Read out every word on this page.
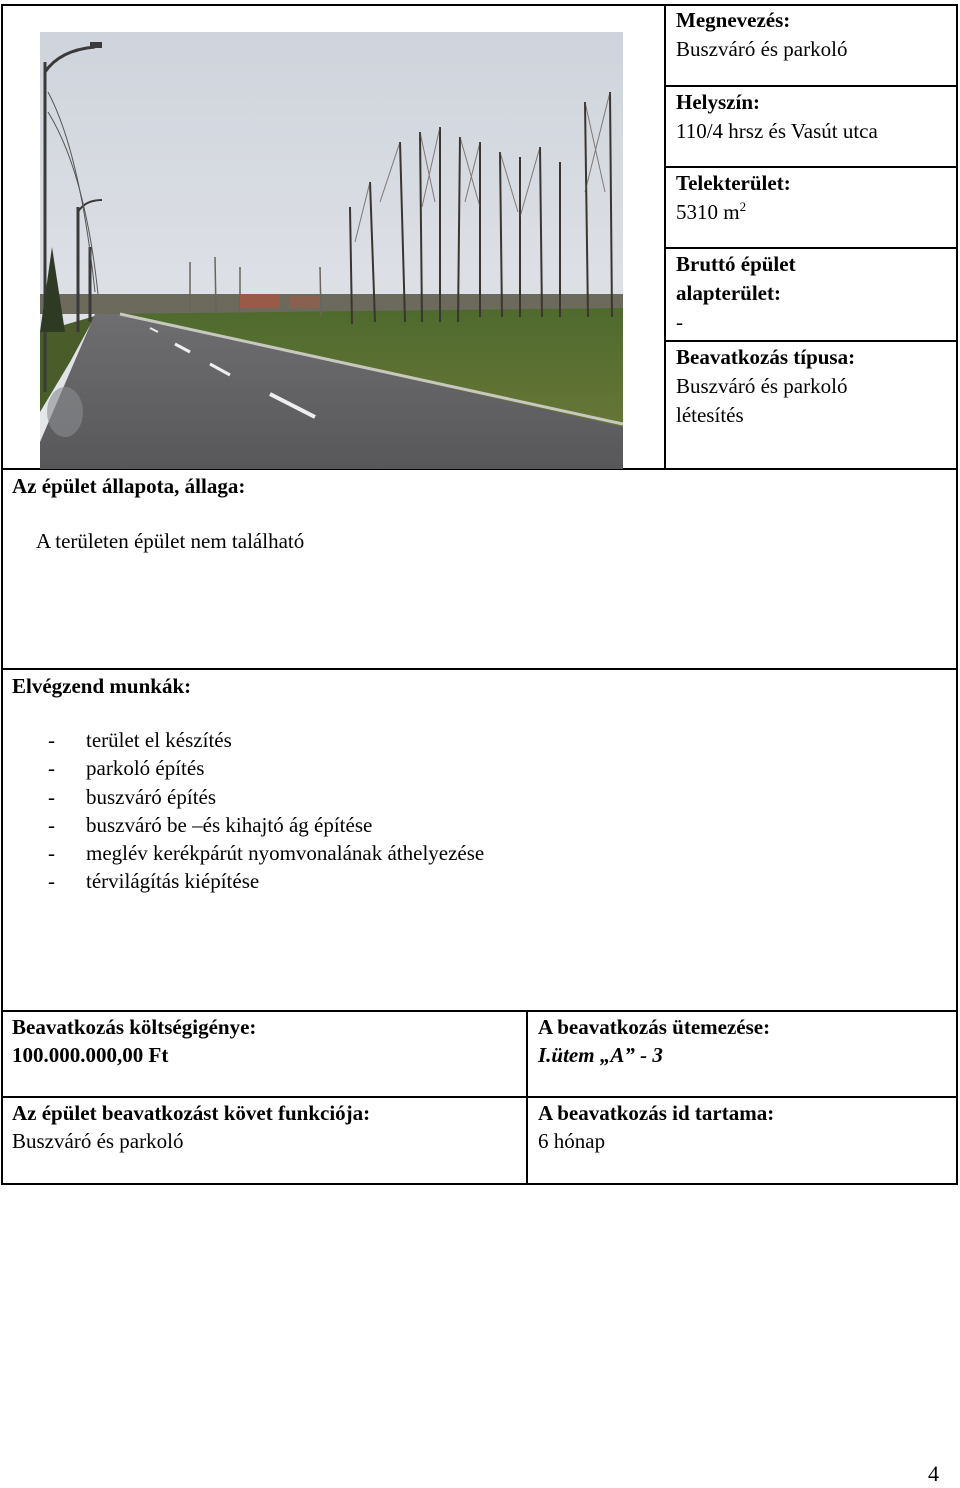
Megnevezés:
Buszváró és parkoló
Helyszín:
110/4 hrsz és Vasút utca
Telekterület:
5310 $m^2$
Bruttó épület
alapterület:
-
Beavatkozás típusa:
Buszváró és parkoló
létesítés
Az épület állapota, állaga:
A területen épület nem található
Elvégzend munkák:
- terület el készítés
- parkoló építés
- buszváró építés
- buszváró be –és kihajtó ág építése
- meglév kerékpárút nyomvonalának áthelyezése
- térvilágítás kiépítése
Beavatkozás költségigénye:
100.000.000,00 Ft
A beavatkozás ütemezése:
I.ütem „A” - 3
Az épület beavatkozást követ funkciója:
Buszváró és parkoló
A beavatkozás id tartama:
6 hónap
4
